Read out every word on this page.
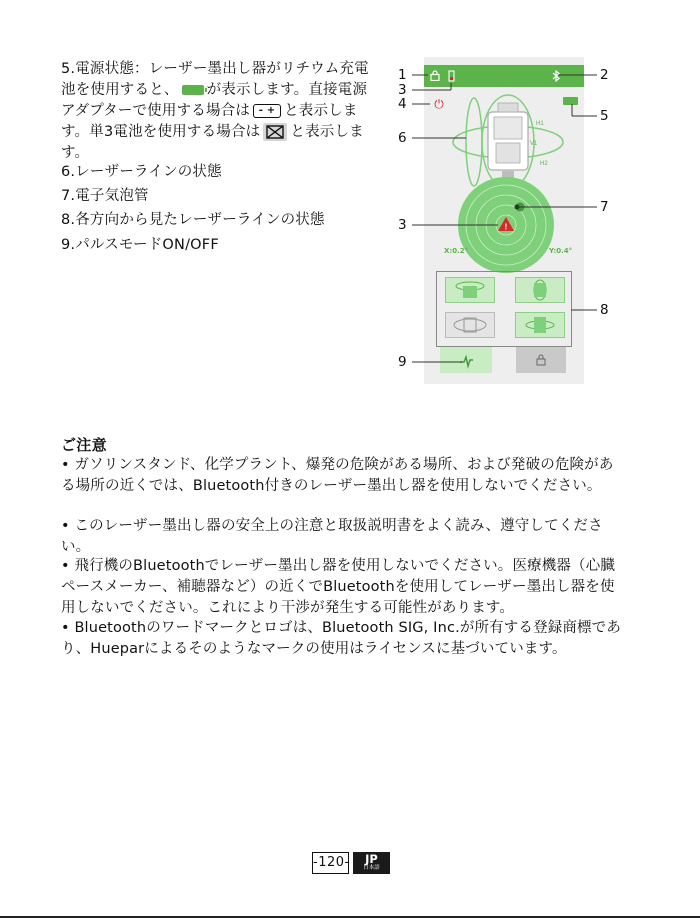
5.電源状態：レーザー墨出し器がリチウム充電池を使用すると、 が表示します。直接電源アダプターで使用する場合は - + と表示します。単3電池を使用する場合は と表示します。
6.レーザーラインの状態
7.電子気泡管
8.各方向から見たレーザーラインの状態
9.パルスモードON/OFF
⏻
H1
V1
H2
!
X:0.2°	Y:0.4°
1	2
3
4
5
6
7
3
8
9
ご注意
• ガソリンスタンド、化学プラント、爆発の危険がある場所、および発破の危険がある場所の近くでは、Bluetooth付きのレーザー墨出し器を使用しないでください。
• このレーザー墨出し器の安全上の注意と取扱説明書をよく読み、遵守してください。
• 飛行機のBluetoothでレーザー墨出し器を使用しないでください。医療機器（心臓ペースメーカー、補聴器など）の近くでBluetoothを使用してレーザー墨出し器を使用しないでください。これにより干渉が発生する可能性があります。
• Bluetoothのワードマークとロゴは、Bluetooth SIG, Inc.が所有する登録商標であり、Hueparによるそのようなマークの使用はライセンスに基づいています。
-120-	JP
日本語
